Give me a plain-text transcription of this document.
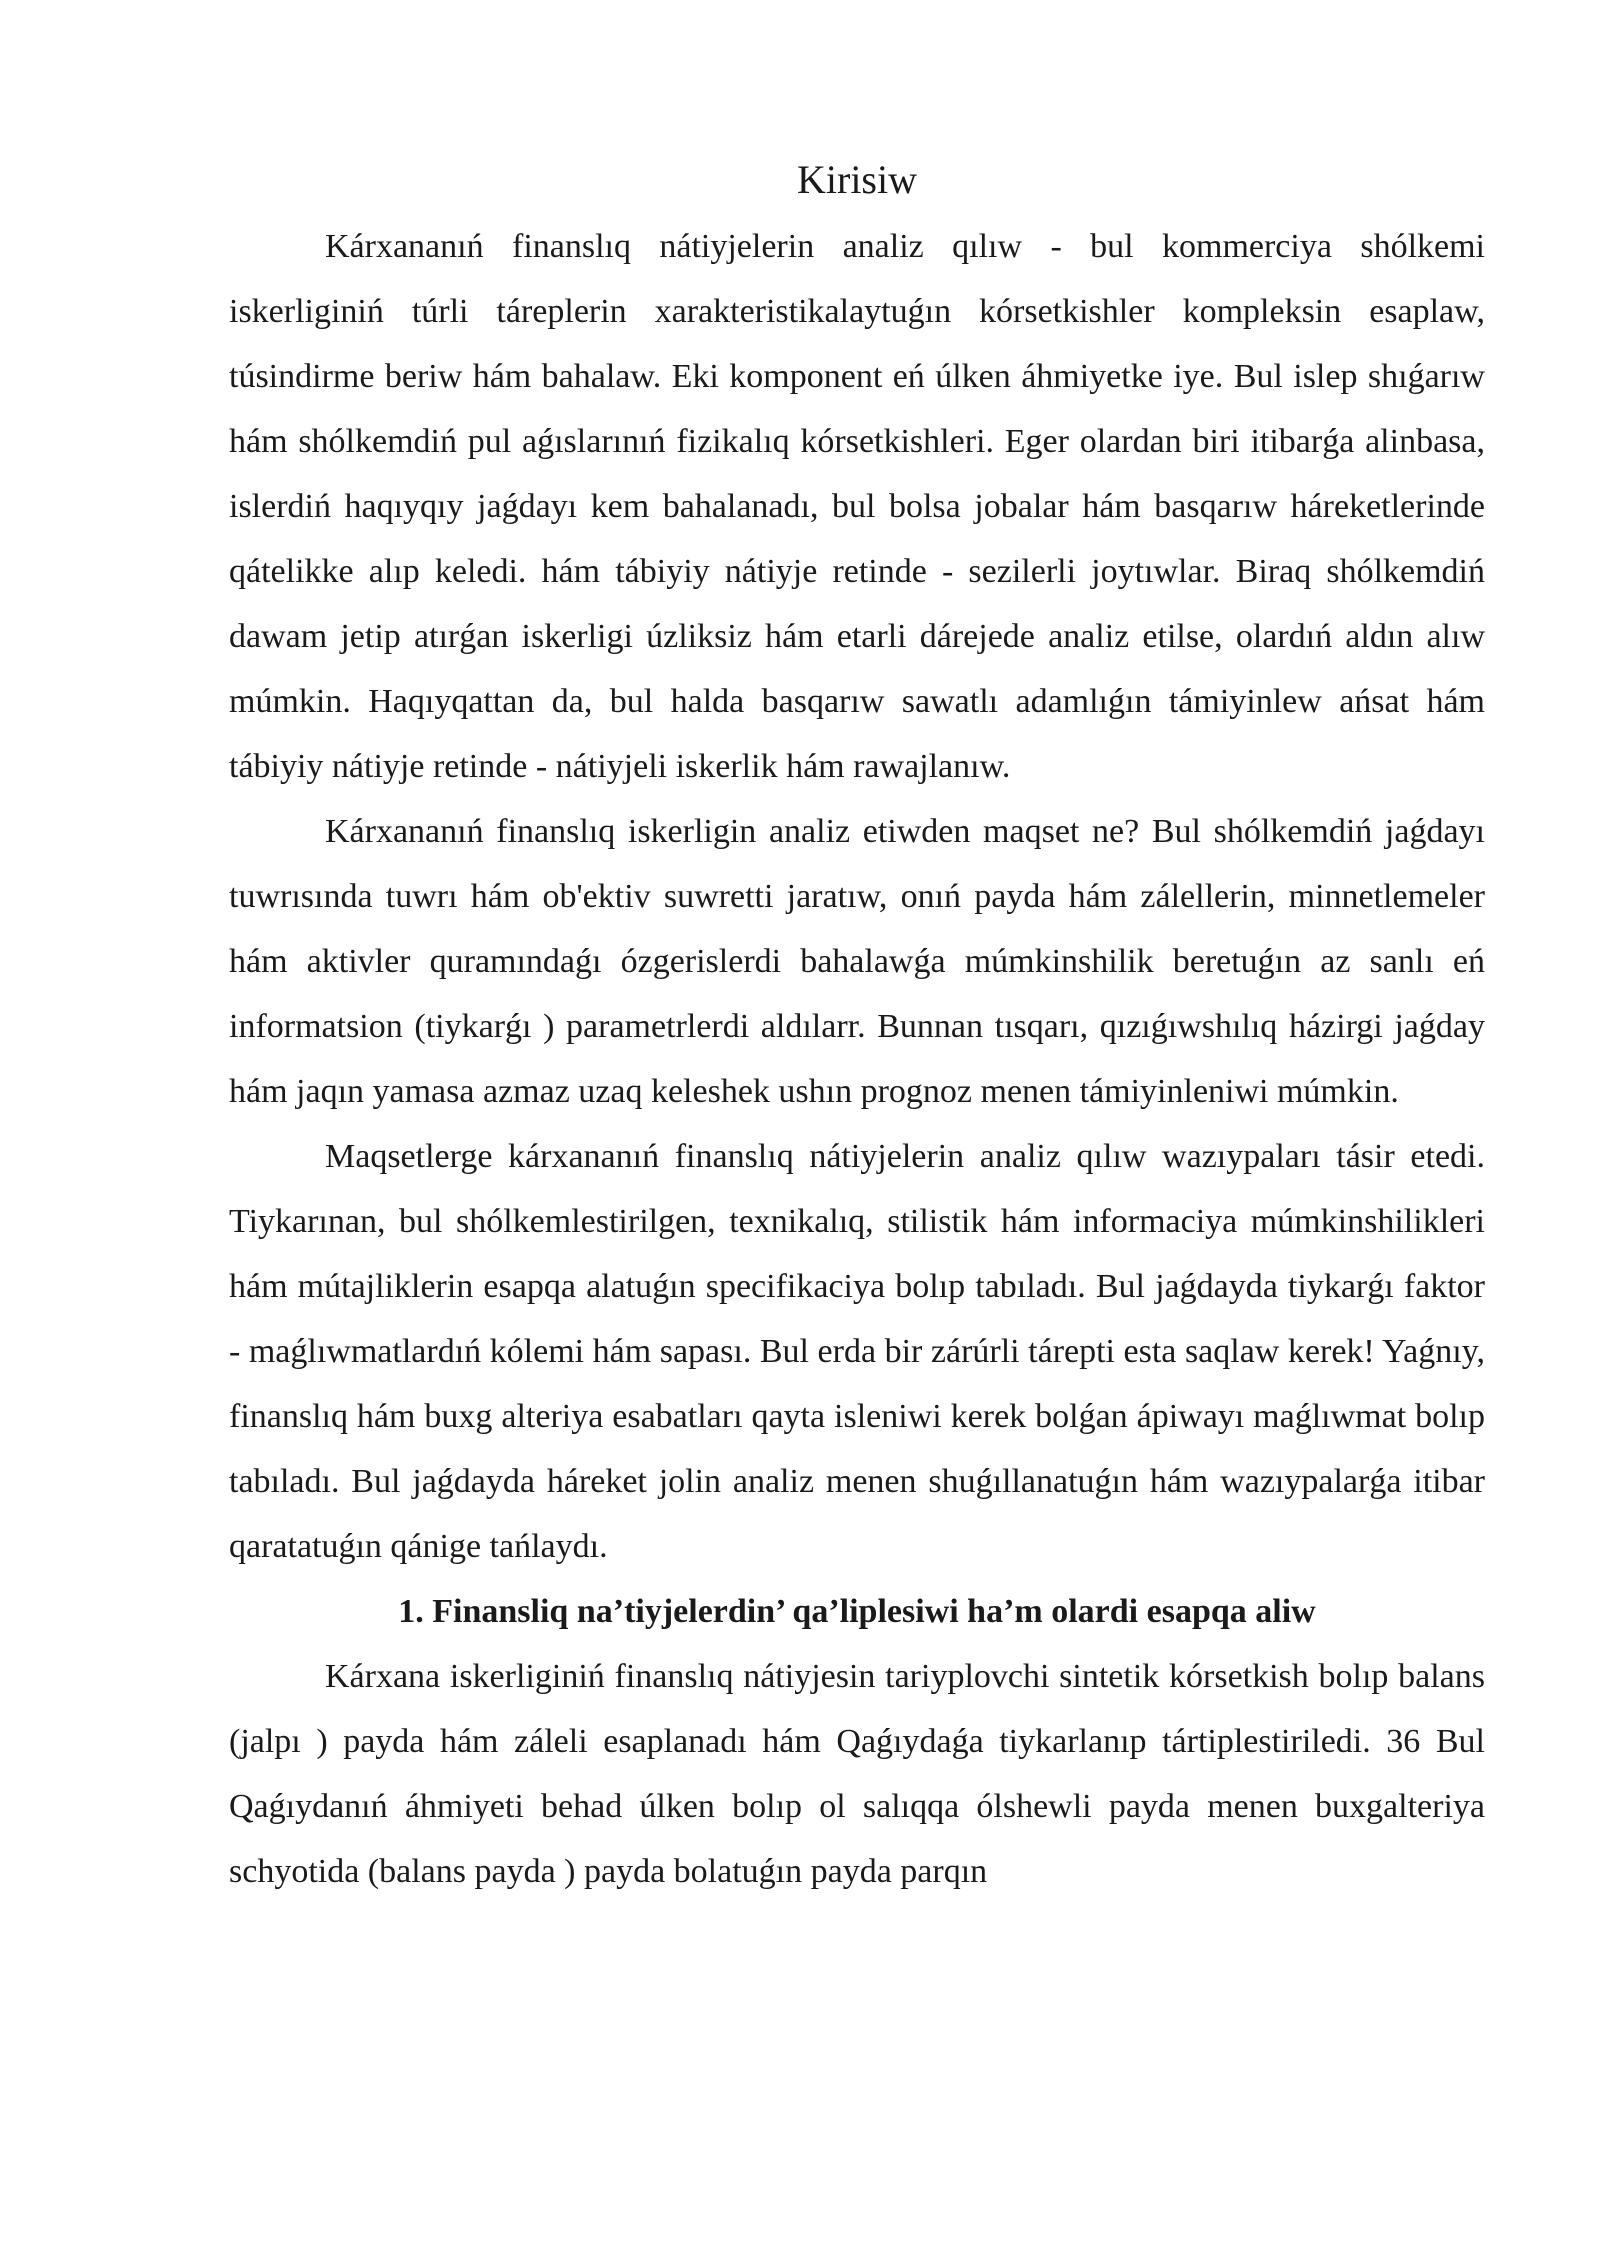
Kirisiw

Kárxananıń finanslıq nátiyjelerin analiz qılıw - bul kommerciya shólkemi iskerliginiń túrli táreplerin xarakteristikalaytuǵın kórsetkishler kompleksin esaplaw, túsindirme beriw hám bahalaw. Eki komponent eń úlken áhmiyetke iye. Bul islep shıǵarıw hám shólkemdiń pul aǵıslarınıń fizikalıq kórsetkishleri. Eger olardan biri itibarǵa alinbasa, islerdiń haqıyqıy jaǵdayı kem bahalanadı, bul bolsa jobalar hám basqarıw háreketlerinde qátelikke alıp keledi. hám tábiyiy nátiyje retinde - sezilerli joytıwlar. Biraq shólkemdiń dawam jetip atırǵan iskerligi úzliksiz hám etarli dárejede analiz etilse, olardıń aldın alıw múmkin. Haqıyqattan da, bul halda basqarıw sawatlı adamlıǵın támiyinlew ańsat hám tábiyiy nátiyje retinde - nátiyjeli iskerlik hám rawajlanıw.

Kárxananıń finanslıq iskerligin analiz etiwden maqset ne? Bul shólkemdiń jaǵdayı tuwrısında tuwrı hám ob'ektiv suwretti jaratıw, onıń payda hám zálellerin, minnetlemeler hám aktivler quramındaǵı ózgerislerdi bahalawǵa múmkinshilik beretuǵın az sanlı eń informatsion (tiykarǵı ) parametrlerdi aldılarr. Bunnan tısqarı, qızıǵıwshılıq házirgi jaǵday hám jaqın yamasa azmaz uzaq keleshek ushın prognoz menen támiyinleniwi múmkin.

Maqsetlerge kárxananıń finanslıq nátiyjelerin analiz qılıw wazıypaları tásir etedi. Tiykarınan, bul shólkemlestirilgen, texnikalıq, stilistik hám informaciya múmkinshilikleri hám mútajliklerin esapqa alatuǵın specifikaciya bolıp tabıladı. Bul jaǵdayda tiykarǵı faktor - maǵlıwmatlardıń kólemi hám sapası. Bul erda bir zárúrli tárepti esta saqlaw kerek! Yaǵnıy, finanslıq hám buxg alteriya esabatları qayta isleniwi kerek bolǵan ápiwayı maǵlıwmat bolıp tabıladı. Bul jaǵdayda háreket jolin analiz menen shuǵıllanatuǵın hám wazıypalarǵa itibar qaratatuǵın qánige tańlaydı.

1. Finansliq na’tiyjelerdin’ qa’liplesiwi ha’m olardi esapqa aliw

Kárxana iskerliginiń finanslıq nátiyjesin tariyplovchi sintetik kórsetkish bolıp balans (jalpı ) payda hám záleli esaplanadı hám Qaǵıydaǵa tiykarlanıp tártiplestiriledi. 36 Bul Qaǵıydanıń áhmiyeti behad úlken bolıp ol salıqqa ólshewli payda menen buxgalteriya schyotida (balans payda ) payda bolatuǵın payda parqın
